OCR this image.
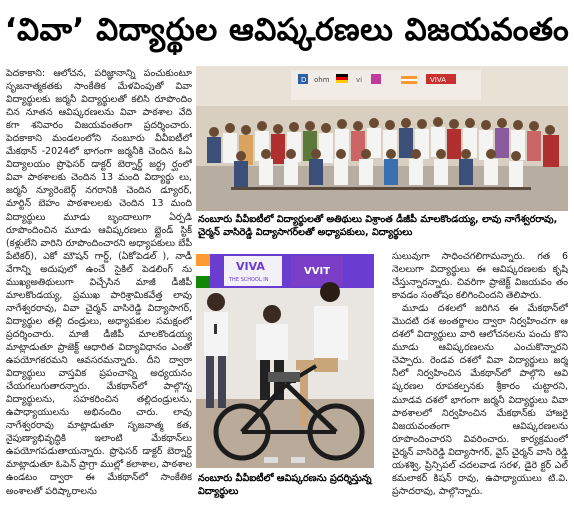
‘వివా’ విద్యార్థుల ఆవిష్కరణలు విజయవంతం

పెదకాకాని: ఆలోచన, పరిజ్ఞానాన్ని పంచుకుంటూ సృజనాత్మకతకు సాంకేతిక మేళవింపుతో వివా విద్యార్థులకు జర్మనీ విద్యార్థులతో కలిసి రూపొందిం చిన నూతన ఆవిష్కరణలను వివా పాఠశాల వేది కగా శనివారం విజయవంతంగా ప్రదర్శించారు. పెదకాకాని మండలంలోని నంబూరు వీవీఐటీలో మేకథాన్ -2024లో భాగంగా జర్మనీకి చెందిన ఓఏ విద్యాలయం ప్రొఫెసర్ డాక్టర్ బెర్నార్డ్ జర్ట్ర ర్ఘంలో వివా పాఠశాలకు చెందిన 13 మంది విద్యార్థు లు, జర్మనీ న్యూరెంబెర్గ్ నగరానికి చెందిన డ్యూరర్, మార్టిన్ బెహం పాఠశాలలకు చెందిన 13 మంది విద్యార్థులు మూడు బృందాలుగా ఏర్పడి రూపొందించిన మూడు ఆవిష్కరణలు బ్లైండ్ స్టిక్ (కళ్లులేని వారిని రూపొందించారని అధ్యాపకులు బేపీ పేటికర్), ఎకో మౌషన్ గార్డ్, (ఏకోపెడల్ ), నాడీ వేగాన్ని అదుపులో ఉంచే సైకిల్ పెడలింగ్ ను ముఖ్యఅతిథులుగా విచ్చేసిన మాజీ డీజీపీ మాలకొండయ్య, ప్రముఖ పారిశ్రామికవేత్త లావు నాగేశ్వరరావు, వివా చైర్మన్ వాసిరెడ్డి విద్యాసాగర్, విద్యార్థుల తల్లి దండ్రులు, అధ్యాపకుల సమక్షంలో ప్రదర్శించారు. మాజీ డీజీపీ మాలకొండయ్య మాట్లాడుతూ ప్రాజెక్ట్ ఆధారిత విద్యావిధానం ఎంతో ఉపయోగకరమని ఆవసరమన్నారు. దీని ద్వారా విద్యార్థులు వాస్తవిక ప్రపంచాన్ని అధ్యయనం చేయగలుగుతారన్నారు. మేకథాన్‌లో పాల్గొన్న విద్యార్థులను, సహకరించిన తల్లిదండ్రులను, ఉపాధ్యాయులను అభినందిం చారు. లావు నాగేశ్వరరావు మాట్లాడుతూ సృజనాత్మ కత, నైపుణ్యాభివృద్ధికి ఇలాంటి మేకథాన్‌లు ఉపయోగపడుతాయన్నారు. ప్రొఫెసర్ డాక్టర్ బెర్నార్డ్ మాట్లాడుతూ ఓపెన్ ప్రాగ్రా ముల్లో కలాశాల, పాఠశాల ఉండటం ద్వారా ఈ మేకథాన్‌లో సాంకేతిక అంశాలతో పరిష్కారాలను

D ohm	vi	VIVA
నంబూరు వీవీఐటీలో విద్యార్థులతో అతిథులు విశ్రాంత డీజీపీ మాలకొండయ్య, లావు నాగేశ్వరరావు, చైర్మన్ వాసిరెడ్డి విద్యాసాగర్‌లతో అధ్యాపకులు, విద్యార్థులు
VIVA
THE SCHOOL IN
VVIT
నంబూరు వీవీఐటీలో ఆవిష్కరణను ప్రదర్శిస్తున్న విద్యార్థులు

సులువుగా సాధించగలిగామన్నారు. గత 6 నెలలుగా విద్యార్థులు ఈ ఆవిష్కరణలకు కృషి చేస్తున్నారన్నారు. చివరిగా ప్రాజెక్ట్ విజయవం తం కావడం సంతోషం కలిగించిందని తెలిపారు.

మూడు దశలలో జరిగిన ఈ మేకథాన్‌లో మొదటి దశ అంతర్జాలం ద్వారా నిర్వహించగా ఆ దశలో విద్యార్థులు వారి ఆలోచనలను పంచు కొని మూడు ఆవిష్కరణలను ఎంచుకొన్నారని చెప్పారు. రెండవ దశలో వివా విద్యార్థులు జర్మ నీలో నిర్వహించిన మేకథాన్‌లో పాల్గొని ఆవి ష్కరణల రూపకల్పనకు శ్రీకారం చుట్టారని, మూడవ దశలో భాగంగా జర్మనీ విద్యార్థులు వివా పాఠశాలలో నిర్వహించిన మేకథాన్‌కు హాజరై విజయవంతంగా ఆవిష్కరణలను రూపొందించారని వివరించారు. కార్యక్రమంలో చైర్మన్ వాసిరెడ్డి విద్యాసాగర్, వైస్ చైర్మన్ వాసి రెడ్డి యశశ్వి, ప్రిన్సిపల్ చదలవాడ సరళ, డైరె క్టర్ ఎల్ కమలాకర్ కిషన్ రావు, ఉపాధ్యాయులు టి.వి. ప్రసాదరావు, పాల్గొన్నారు.
